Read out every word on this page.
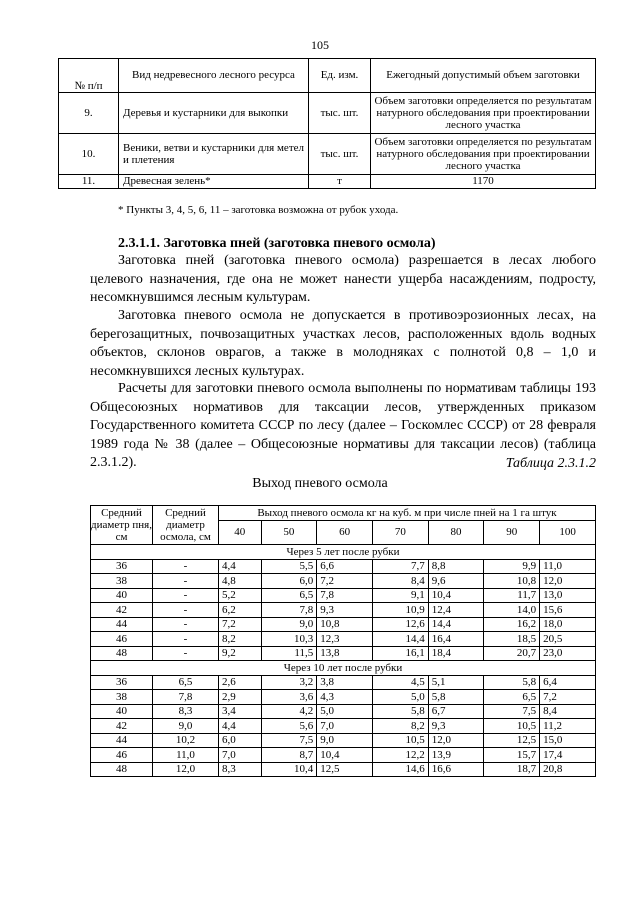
105
№ п/п	Вид недревесного лесного ресурса	Ед. изм.	Ежегодный допустимый объем заготовки
9.	Деревья и кустарники для выкопки	тыс. шт.	Объем заготовки определяется по результатам натурного обследования при проектировании лесного участка
10.	Веники, ветви и кустарники для метел и плетения	тыс. шт.	Объем заготовки определяется по результатам натурного обследования при проектировании лесного участка
11.	Древесная зелень*	т	1170
* Пункты 3, 4, 5, 6, 11 – заготовка возможна от рубок ухода.
2.3.1.1. Заготовка пней (заготовка пневого осмола)

Заготовка пней (заготовка пневого осмола) разрешается в лесах любого целевого назначения, где она не может нанести ущерба насаждениям, подросту, несомкнувшимся лесным культурам.

Заготовка пневого осмола не допускается в противоэрозионных лесах, на берегозащитных, почвозащитных участках лесов, расположенных вдоль водных объектов, склонов оврагов, а также в молодняках с полнотой 0,8 – 1,0 и несомкнувшихся лесных культурах.

Расчеты для заготовки пневого осмола выполнены по нормативам таблицы 193 Общесоюзных нормативов для таксации лесов, утвержденных приказом Государственного комитета СССР по лесу (далее – Госкомлес СССР) от 28 февраля 1989 года № 38 (далее – Общесоюзные нормативы для таксации лесов) (таблица 2.3.1.2).	Таблица 2.3.1.2
Выход пневого осмола
Средний диаметр пня, см	Средний диаметр осмола, см	Выход пневого осмола кг на куб. м при числе пней на 1 га штук						
		40	50	60	70	80	90	100
Через 5 лет после рубки								
36	-	4,4	5,5	6,6	7,7	8,8	9,9	11,0
38	-	4,8	6,0	7,2	8,4	9,6	10,8	12,0
40	-	5,2	6,5	7,8	9,1	10,4	11,7	13,0
42	-	6,2	7,8	9,3	10,9	12,4	14,0	15,6
44	-	7,2	9,0	10,8	12,6	14,4	16,2	18,0
46	-	8,2	10,3	12,3	14,4	16,4	18,5	20,5
48	-	9,2	11,5	13,8	16,1	18,4	20,7	23,0
Через 10 лет после рубки								
36	6,5	2,6	3,2	3,8	4,5	5,1	5,8	6,4
38	7,8	2,9	3,6	4,3	5,0	5,8	6,5	7,2
40	8,3	3,4	4,2	5,0	5,8	6,7	7,5	8,4
42	9,0	4,4	5,6	7,0	8,2	9,3	10,5	11,2
44	10,2	6,0	7,5	9,0	10,5	12,0	12,5	15,0
46	11,0	7,0	8,7	10,4	12,2	13,9	15,7	17,4
48	12,0	8,3	10,4	12,5	14,6	16,6	18,7	20,8
